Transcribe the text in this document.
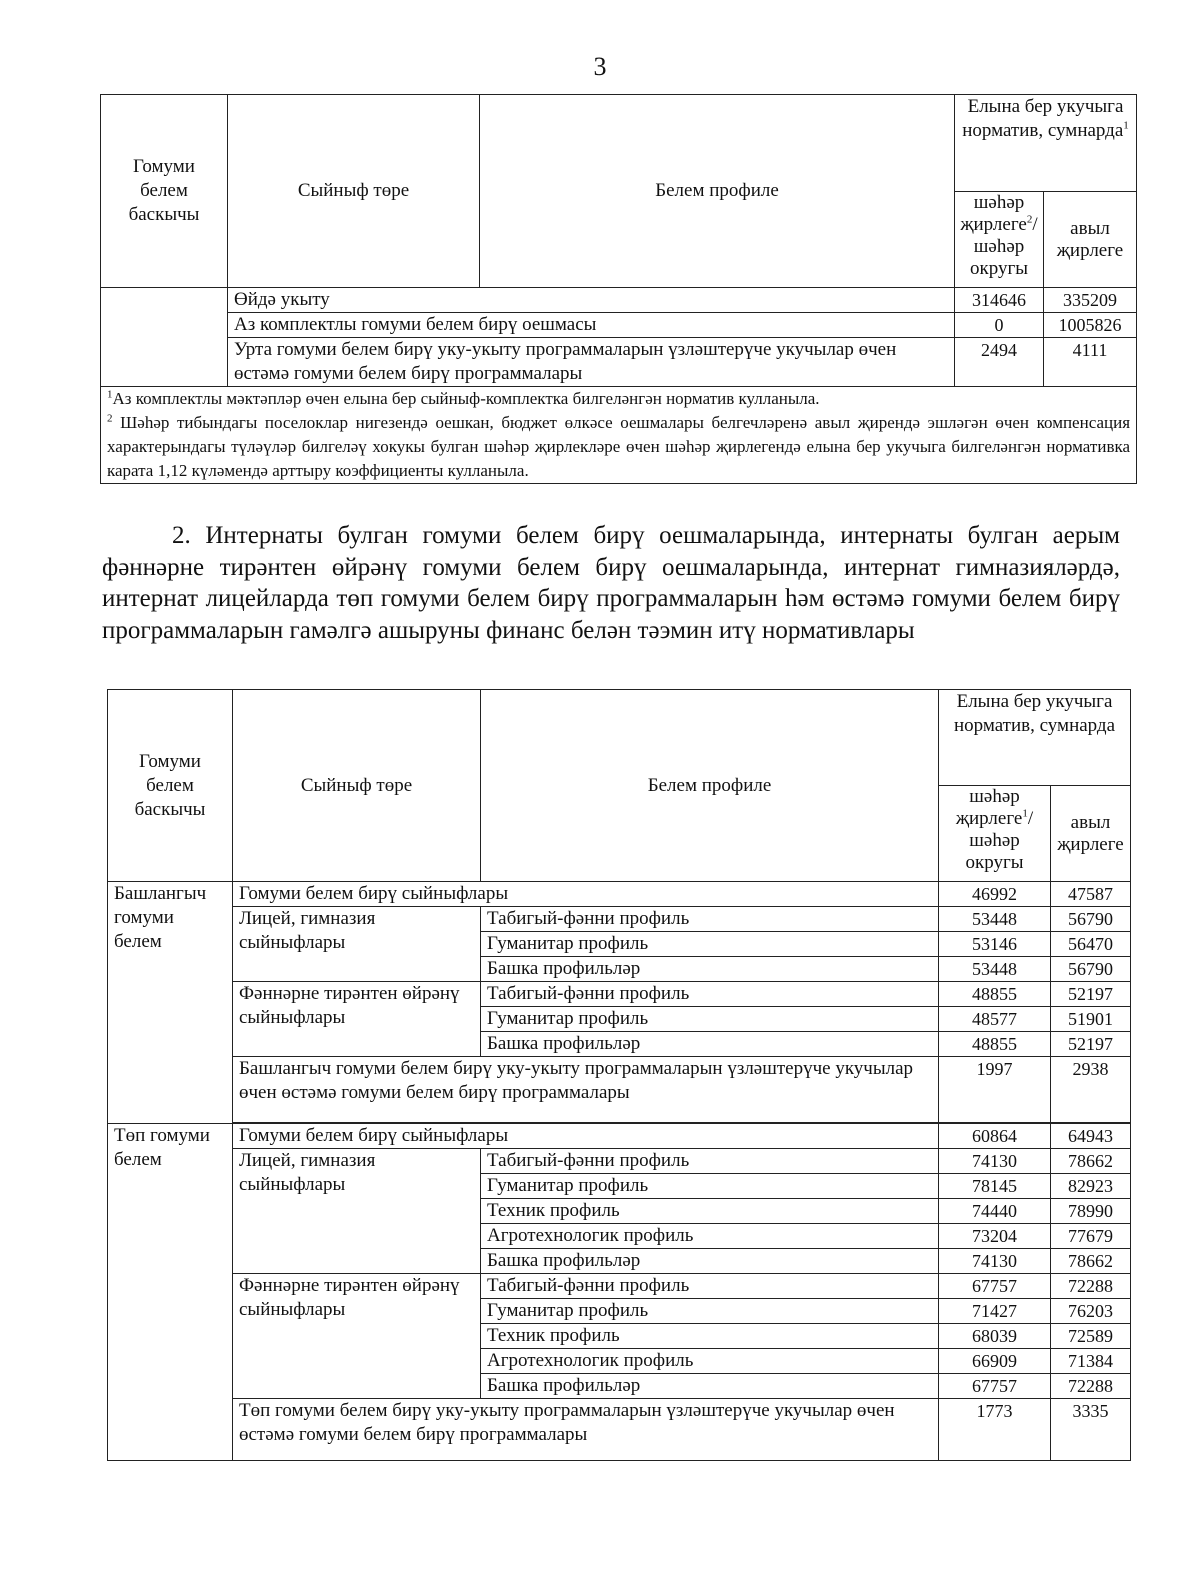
3
Гомуми белем баскычы	Сыйныф төре	Белем профиле	Елына бер укучыга норматив, сумнарда$^1$
			шәһәр җирлеге$^2$/ шәһәр округы	авыл җирлеге
	Өйдә укыту		314646	335209
	Аз комплектлы гомуми белем бирү оешмасы		0	1005826
	Урта гомуми белем бирү уку-укыту программаларын үзләштерүче укучылар өчен өстәмә гомуми белем бирү программалары		2494	4111

$^1$Аз комплектлы мәктәпләр өчен елына бер сыйныф-комплектка билгеләнгән норматив кулланыла.
$^2$ Шәһәр тибындагы поселоклар нигезендә оешкан, бюджет өлкәсе оешмалары белгечләренә авыл җирендә эшләгән өчен компенсация характерындагы түләүләр билгеләү хокукы булган шәһәр җирлекләре өчен шәһәр җирлегендә елына бер укучыга билгеләнгән нормативка карата 1,12 күләмендә арттыру коэффициенты кулланыла.				
2. Интернаты булган гомуми белем бирү оешмаларында, интернаты булган аерым фәннәрне тирәнтен өйрәнү гомуми белем бирү оешмаларында, интернат гимназияләрдә, интернат лицейларда төп гомуми белем бирү программаларын һәм өстәмә гомуми белем бирү программаларын гамәлгә ашыруны финанс белән тәэмин итү нормативлары
Гомуми белем баскычы	Сыйныф төре	Белем профиле	Елына бер укучыга норматив, сумнарда	
			шәһәр җирлеге$^1$/ шәһәр округы	авыл җирлеге
Башлангыч гомуми белем	Гомуми белем бирү сыйныфлары		46992	47587
	Лицей, гимназия сыйныфлары	Табигый-фәнни профиль	53448	56790
		Гуманитар профиль	53146	56470
		Башка профильләр	53448	56790
	Фәннәрне тирәнтен өйрәнү сыйныфлары	Табигый-фәнни профиль	48855	52197
		Гуманитар профиль	48577	51901
		Башка профильләр	48855	52197
	Башлангыч гомуми белем бирү уку-укыту программаларын үзләштерүче укучылар өчен өстәмә гомуми белем бирү программалары		1997	2938

Төп гомуми белем	Гомуми белем бирү сыйныфлары		60864	64943
	Лицей, гимназия сыйныфлары	Табигый-фәнни профиль	74130	78662
		Гуманитар профиль	78145	82923
		Техник профиль	74440	78990
		Агротехнологик профиль	73204	77679
		Башка профильләр	74130	78662
	Фәннәрне тирәнтен өйрәнү сыйныфлары	Табигый-фәнни профиль	67757	72288
		Гуманитар профиль	71427	76203
		Техник профиль	68039	72589
		Агротехнологик профиль	66909	71384
		Башка профильләр	67757	72288
	Төп гомуми белем бирү уку-укыту программаларын үзләштерүче укучылар өчен өстәмә гомуми белем бирү программалары		1773	3335
